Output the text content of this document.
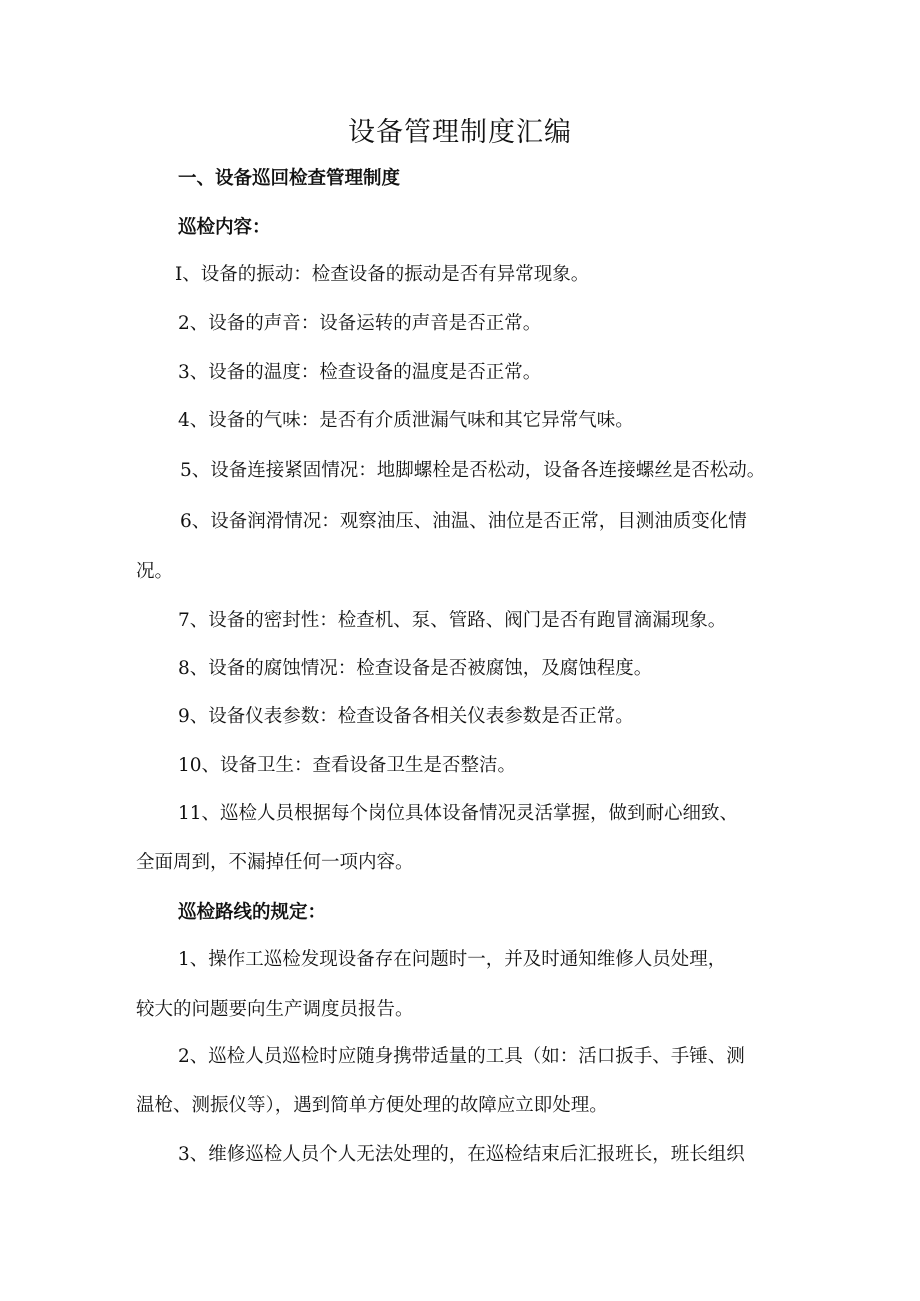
设备管理制度汇编
一、设备巡回检查管理制度
巡检内容：
I、设备的振动：检查设备的振动是否有异常现象。
2、设备的声音：设备运转的声音是否正常。
3、设备的温度：检查设备的温度是否正常。
4、设备的气味：是否有介质泄漏气味和其它异常气味。
5、设备连接紧固情况：地脚螺栓是否松动，设备各连接螺丝是否松动。
6、设备润滑情况：观察油压、油温、油位是否正常，目测油质变化情
况。
7、设备的密封性：检查机、泵、管路、阀门是否有跑冒滴漏现象。
8、设备的腐蚀情况：检查设备是否被腐蚀，及腐蚀程度。
9、设备仪表参数：检查设备各相关仪表参数是否正常。
10、设备卫生：查看设备卫生是否整洁。
11、巡检人员根据每个岗位具体设备情况灵活掌握，做到耐心细致、
全面周到，不漏掉任何一项内容。
巡检路线的规定：
1、操作工巡检发现设备存在问题时一，并及时通知维修人员处理，
较大的问题要向生产调度员报告。
2、巡检人员巡检时应随身携带适量的工具（如：活口扳手、手锤、测
温枪、测振仪等），遇到简单方便处理的故障应立即处理。
3、维修巡检人员个人无法处理的，在巡检结束后汇报班长，班长组织
